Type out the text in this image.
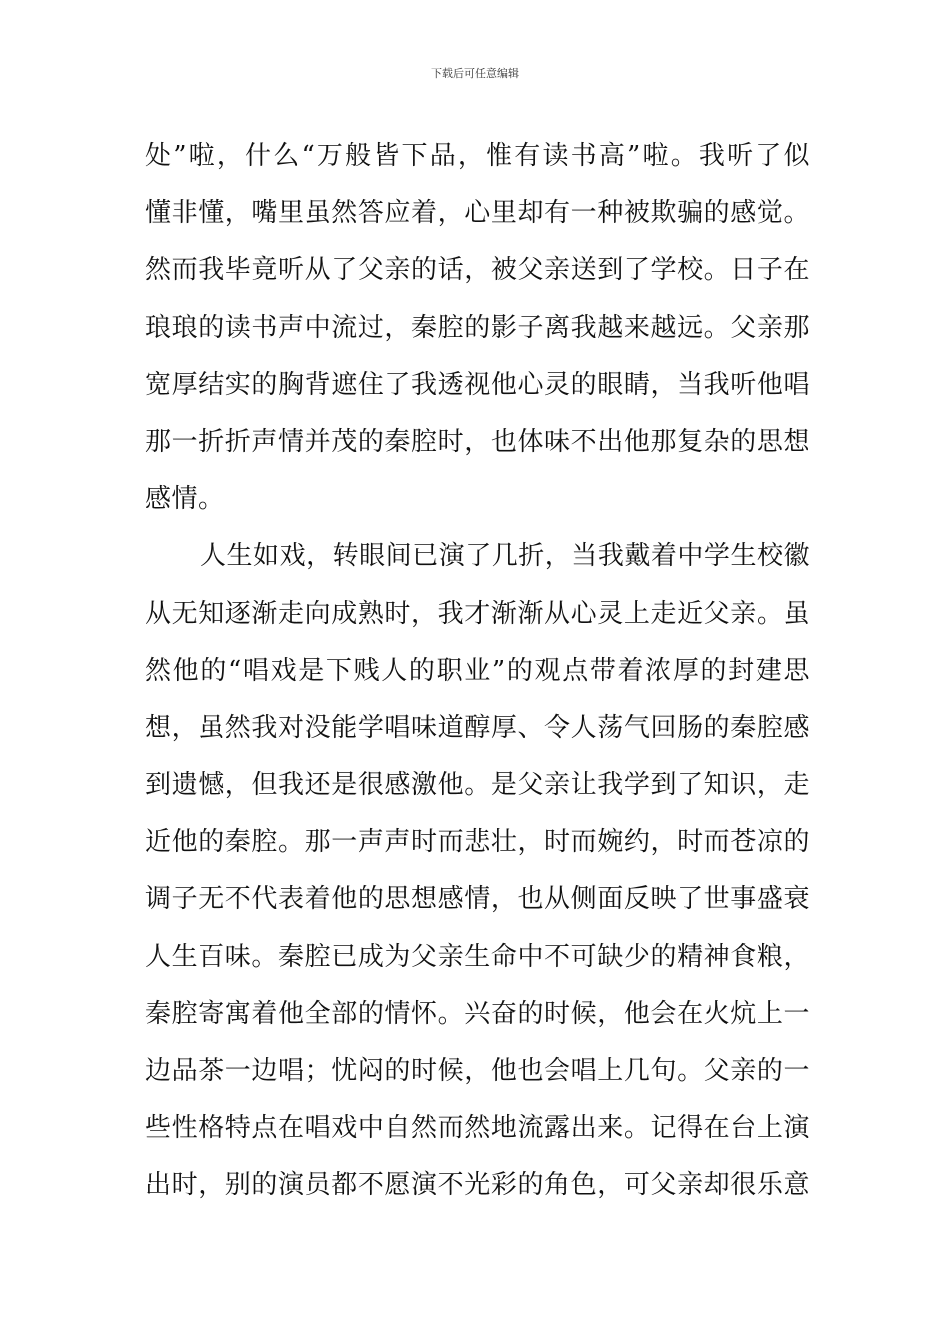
下载后可任意编辑
处”啦，什么“万般皆下品，惟有读书高”啦。我听了似
懂非懂，嘴里虽然答应着，心里却有一种被欺骗的感觉。
然而我毕竟听从了父亲的话，被父亲送到了学校。日子在
琅琅的读书声中流过，秦腔的影子离我越来越远。父亲那
宽厚结实的胸背遮住了我透视他心灵的眼睛，当我听他唱
那一折折声情并茂的秦腔时，也体味不出他那复杂的思想
感情。
人生如戏，转眼间已演了几折，当我戴着中学生校徽
从无知逐渐走向成熟时，我才渐渐从心灵上走近父亲。虽
然他的“唱戏是下贱人的职业”的观点带着浓厚的封建思
想，虽然我对没能学唱味道醇厚、令人荡气回肠的秦腔感
到遗憾，但我还是很感激他。是父亲让我学到了知识，走
近他的秦腔。那一声声时而悲壮，时而婉约，时而苍凉的
调子无不代表着他的思想感情，也从侧面反映了世事盛衰
人生百味。秦腔已成为父亲生命中不可缺少的精神食粮，
秦腔寄寓着他全部的情怀。兴奋的时候，他会在火炕上一
边品茶一边唱；忧闷的时候，他也会唱上几句。父亲的一
些性格特点在唱戏中自然而然地流露出来。记得在台上演
出时，别的演员都不愿演不光彩的角色，可父亲却很乐意
